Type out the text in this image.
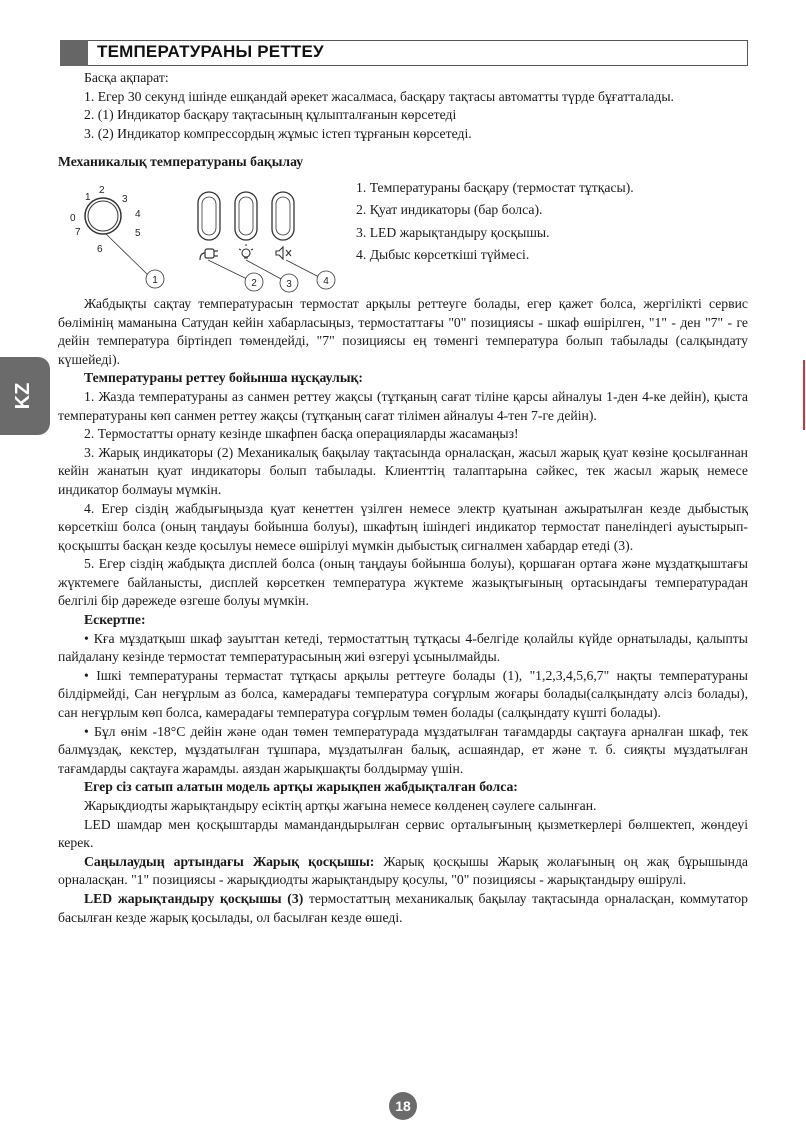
ТЕМПЕРАТУРАНЫ РЕТТЕУ
KZ

Басқа ақпарат:

1. Егер 30 секунд ішінде ешқандай әрекет жасалмаса, басқару тақтасы автоматты түрде бұғатталады.

2. (1) Индикатор басқару тақтасының құлыпталғанын көрсетеді

3. (2) Индикатор компрессордың жұмыс істеп тұрғанын көрсетеді.

Механикалық температураны бақылау

0
1
2
3
4
5
6
7
1	2	3	4

1. Температураны басқару (термостат тұтқасы).

2. Қуат индикаторы (бар болса).

3. LED жарықтандыру қосқышы.

4. Дыбыс көрсеткіші түймесі.

Жабдықты сақтау температурасын термостат арқылы реттеуге болады, егер қажет болса, жергілікті сервис бөлімінің маманына Сатудан кейін хабарласыңыз, термостаттағы "0" позициясы - шкаф өшірілген, "1" - ден "7" - ге дейін температура біртіндеп төмендейді, "7" позициясы ең төменгі температура болып табылады (салқындату күшейеді).

Температураны реттеу бойынша нұсқаулық:

1. Жазда температураны аз санмен реттеу жақсы (тұтқаның сағат тіліне қарсы айналуы 1-ден 4-ке дейін), қыста температураны көп санмен реттеу жақсы (тұтқаның сағат тілімен айналуы 4-тен 7-ге дейін).

2. Термостатты орнату кезінде шкафпен басқа операцияларды жасамаңыз!

3. Жарық индикаторы (2) Механикалық бақылау тақтасында орналасқан, жасыл жарық қуат көзіне қосылғаннан кейін жанатын қуат индикаторы болып табылады. Клиенттің талаптарына сәйкес, тек жасыл жарық немесе индикатор болмауы мүмкін.

4. Егер сіздің жабдығыңызда қуат кенеттен үзілген немесе электр қуатынан ажыратылған кезде дыбыстық көрсеткіш болса (оның таңдауы бойынша болуы), шкафтың ішіндегі индикатор термостат панеліндегі ауыстырып-қосқышты басқан кезде қосылуы немесе өшірілуі мүмкін дыбыстық сигналмен хабардар етеді (3).

5. Егер сіздің жабдықта дисплей болса (оның таңдауы бойынша болуы), қоршаған ортаға және мұздатқыштағы жүктемеге байланысты, дисплей көрсеткен температура жүктеме жазықтығының ортасындағы температурадан белгілі бір дәрежеде өзгеше болуы мүмкін.

Ескертпе:

• Кға мұздатқыш шкаф зауыттан кетеді, термостаттың тұтқасы 4-белгіде қолайлы күйде орнатылады, қалыпты пайдалану кезінде термостат температурасының жиі өзгеруі ұсынылмайды.

• Ішкі температураны термастат тұтқасы арқылы реттеуге болады (1), "1,2,3,4,5,6,7" нақты температураны білдірмейді, Сан неғұрлым аз болса, камерадағы температура соғұрлым жоғары болады(салқындату әлсіз болады), сан неғұрлым көп болса, камерадағы температура соғұрлым төмен болады (салқындату күшті болады).

• Бұл өнім -18°C дейін және одан төмен температурада мұздатылған тағамдарды сақтауға арналған шкаф, тек балмұздақ, кекстер, мұздатылған тұшпара, мұздатылған балық, асшаяндар, ет және т. б. сияқты мұздатылған тағамдарды сақтауға жарамды. аяздан жарықшақты болдырмау үшін.

Егер сіз сатып алатын модель артқы жарықпен жабдықталған болса:

Жарықдиодты жарықтандыру есіктің артқы жағына немесе көлденең сәулеге салынған.

LED шамдар мен қосқыштарды мамандандырылған сервис орталығының қызметкерлері бөлшектеп, жөндеуі керек.

Саңылаудың артындағы Жарық қосқышы: Жарық қосқышы Жарық жолағының оң жақ бұрышында орналасқан. "1" позициясы - жарықдиодты жарықтандыру қосулы, "0" позициясы - жарықтандыру өшірулі.

LED жарықтандыру қосқышы (3) термостаттың механикалық бақылау тақтасында орналасқан, коммутатор басылған кезде жарық қосылады, ол басылған кезде өшеді.

18
